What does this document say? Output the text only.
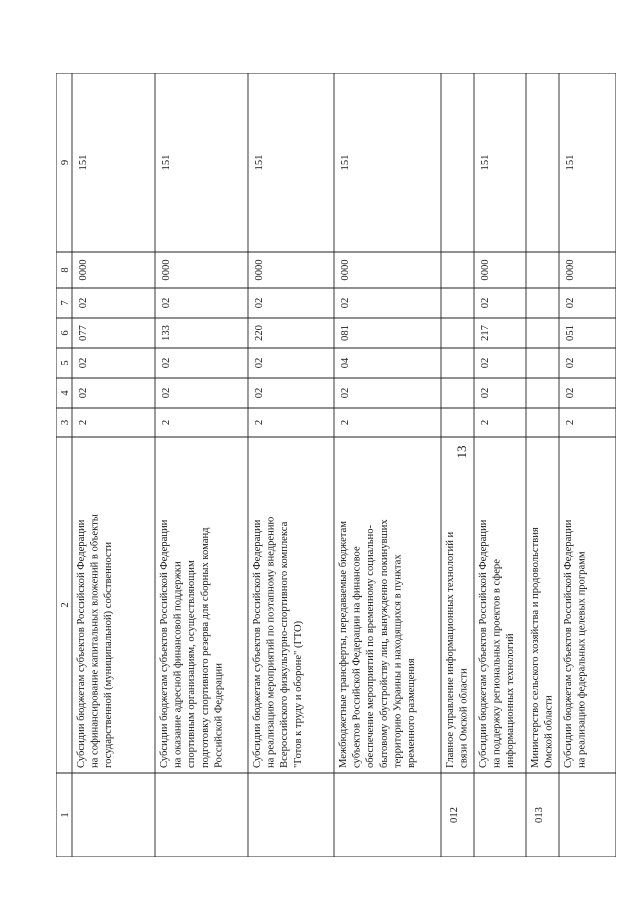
13
1
2
3
4
5
6
7
8
9
Субсидии бюджетам субъектов Российской Федерации на софинансирование капитальных вложений в объекты государственной (муниципальной) собственности
2
02
02
077
02
0000
151
Субсидии бюджетам субъектов Российской Федерации на оказание адресной финансовой поддержки спортивным организациям, осуществляющим подготовку спортивного резерва для сборных команд Российской Федерации
2
02
02
133
02
0000
151
Субсидии бюджетам субъектов Российской Федерации на реализацию мероприятий по поэтапному внедрению Всероссийского физкультурно-спортивного комплекса "Готов к труду и обороне" (ГТО)
2
02
02
220
02
0000
151
Межбюджетные трансферты, передаваемые бюджетам субъектов Российской Федерации на финансовое обеспечение мероприятий по временному социально- бытовому обустройству лиц, вынужденно покинувших территорию Украины и находящихся в пунктах временного размещения
2
02
04
081
02
0000
151
012
Главное управление информационных технологий и связи Омской области Субсидии бюджетам субъектов Российской Федерации на поддержку региональных проектов в сфере информационных технологий
2
02
02
217
02
0000
151
013
Министерство сельского хозяйства и продовольствия Омской области Субсидии бюджетам субъектов Российской Федерации на реализацию федеральных целевых программ
2
02
02
051
02
0000
151
